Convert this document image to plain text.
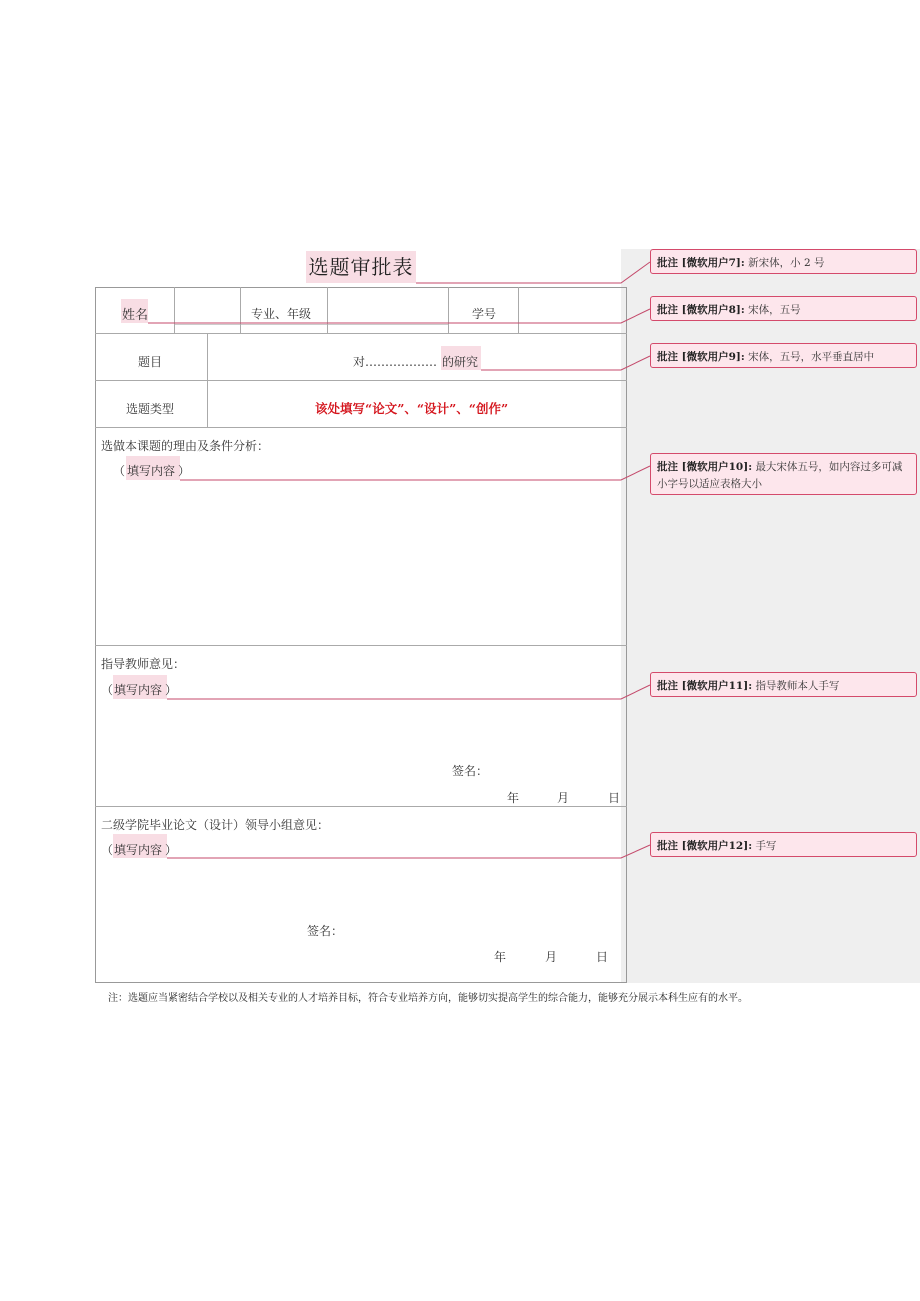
选题审批表
姓名	专业、年级	学号
题目	对……………… 的研究
选题类型	该处填写“论文”、“设计”、“创作”
选做本课题的理由及条件分析：
（ 填写内容 ）
指导教师意见：
（ 填写内容 ）
签名：
年	月	日
二级学院毕业论文（设计）领导小组意见：
（ 填写内容 ）
签名：
年	月	日
批注 [微软用户7]: 新宋体，小 2 号
批注 [微软用户8]: 宋体，五号
批注 [微软用户9]: 宋体，五号，水平垂直居中
批注 [微软用户10]: 最大宋体五号，如内容过多可减小字号以适应表格大小
批注 [微软用户11]: 指导教师本人手写
批注 [微软用户12]: 手写
注：选题应当紧密结合学校以及相关专业的人才培养目标，符合专业培养方向，能够切实提高学生的综合能力，能够充分展示本科生应有的水平。
